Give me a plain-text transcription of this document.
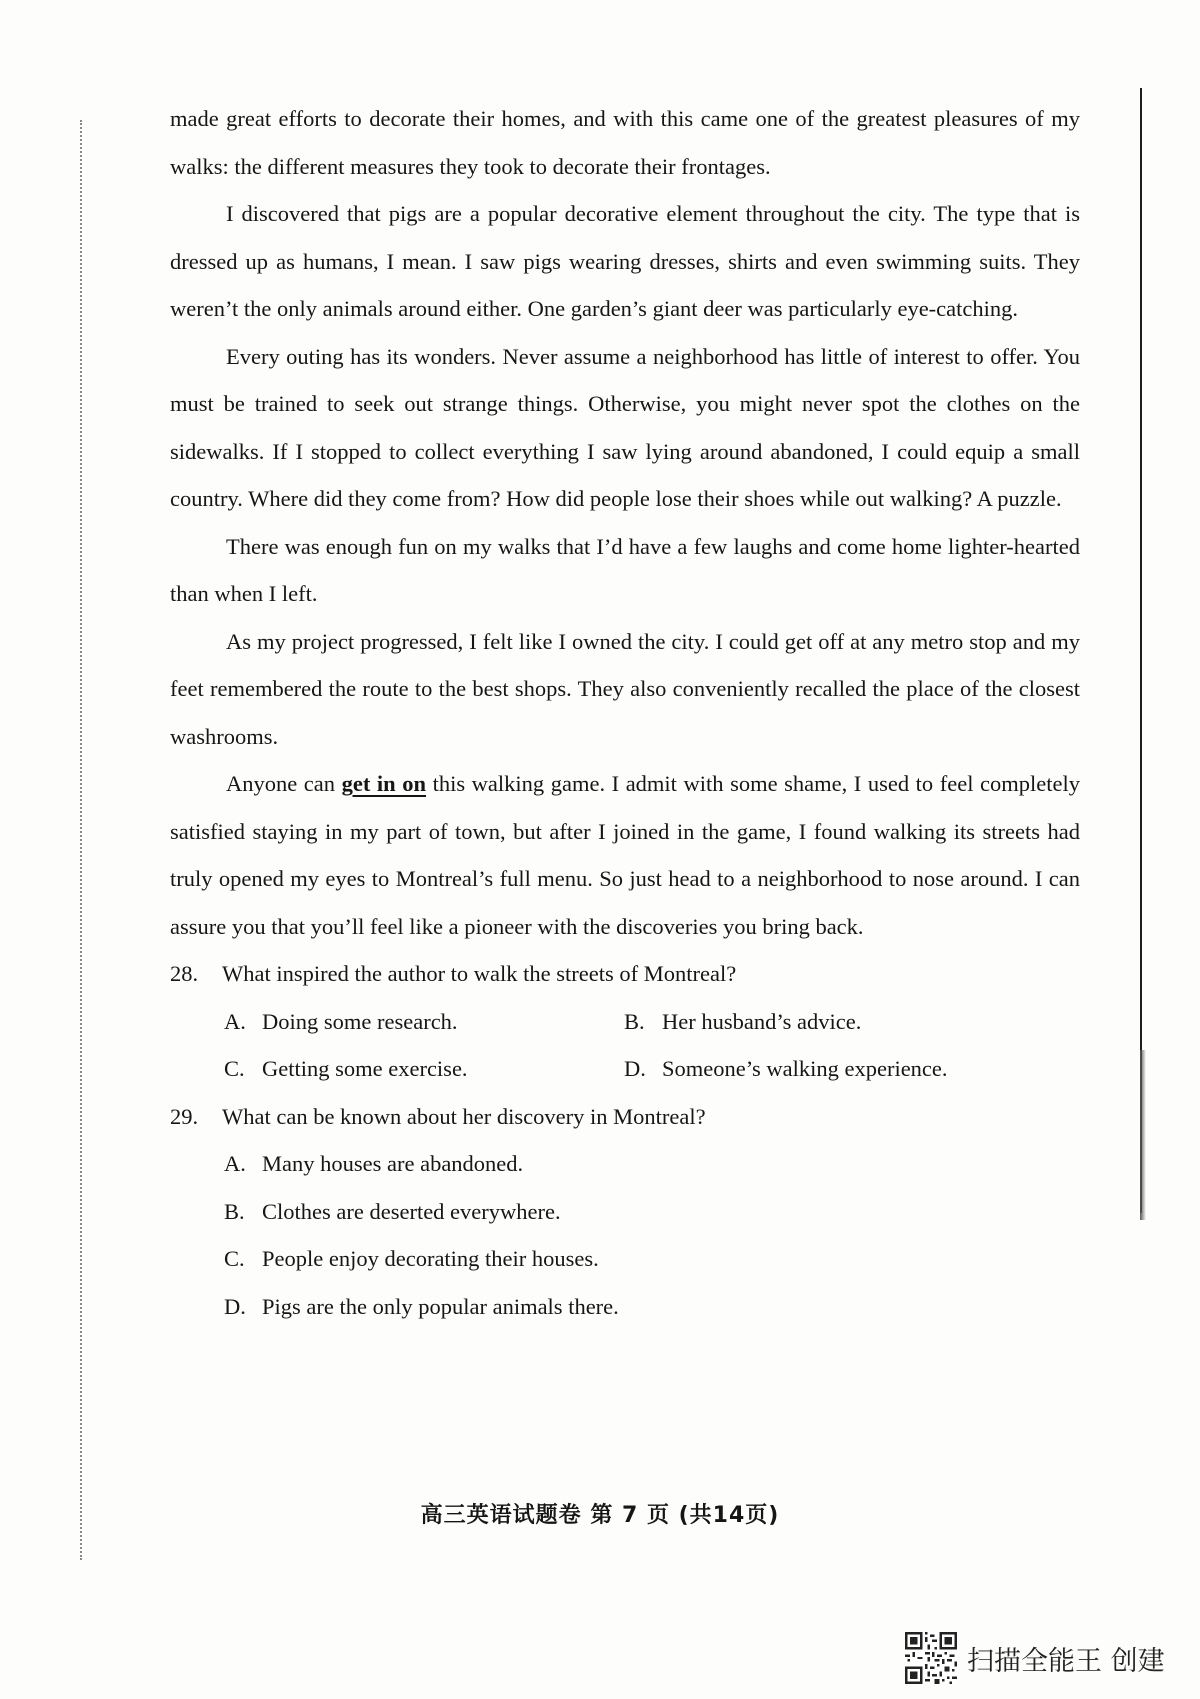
made great efforts to decorate their homes, and with this came one of the greatest pleasures of my walks: the different measures they took to decorate their frontages.

I discovered that pigs are a popular decorative element throughout the city. The type that is dressed up as humans, I mean. I saw pigs wearing dresses, shirts and even swimming suits. They weren’t the only animals around either. One garden’s giant deer was particularly eye-catching.

Every outing has its wonders. Never assume a neighborhood has little of interest to offer. You must be trained to seek out strange things. Otherwise, you might never spot the clothes on the sidewalks. If I stopped to collect everything I saw lying around abandoned, I could equip a small country. Where did they come from? How did people lose their shoes while out walking? A puzzle.

There was enough fun on my walks that I’d have a few laughs and come home lighter-hearted than when I left.

As my project progressed, I felt like I owned the city. I could get off at any metro stop and my feet remembered the route to the best shops. They also conveniently recalled the place of the closest washrooms.

Anyone can get in on this walking game. I admit with some shame, I used to feel completely satisfied staying in my part of town, but after I joined in the game, I found walking its streets had truly opened my eyes to Montreal’s full menu. So just head to a neighborhood to nose around. I can assure you that you’ll feel like a pioneer with the discoveries you bring back.

28. What inspired the author to walk the streets of Montreal?

A. Doing some research.	B. Her husband’s advice.
C. Getting some exercise.	D. Someone’s walking experience.

29. What can be known about her discovery in Montreal?

A. Many houses are abandoned.
B. Clothes are deserted everywhere.
C. People enjoy decorating their houses.
D. Pigs are the only popular animals there.
高三英语试题卷 第 7 页 (共14页)
扫描全能王 创建
